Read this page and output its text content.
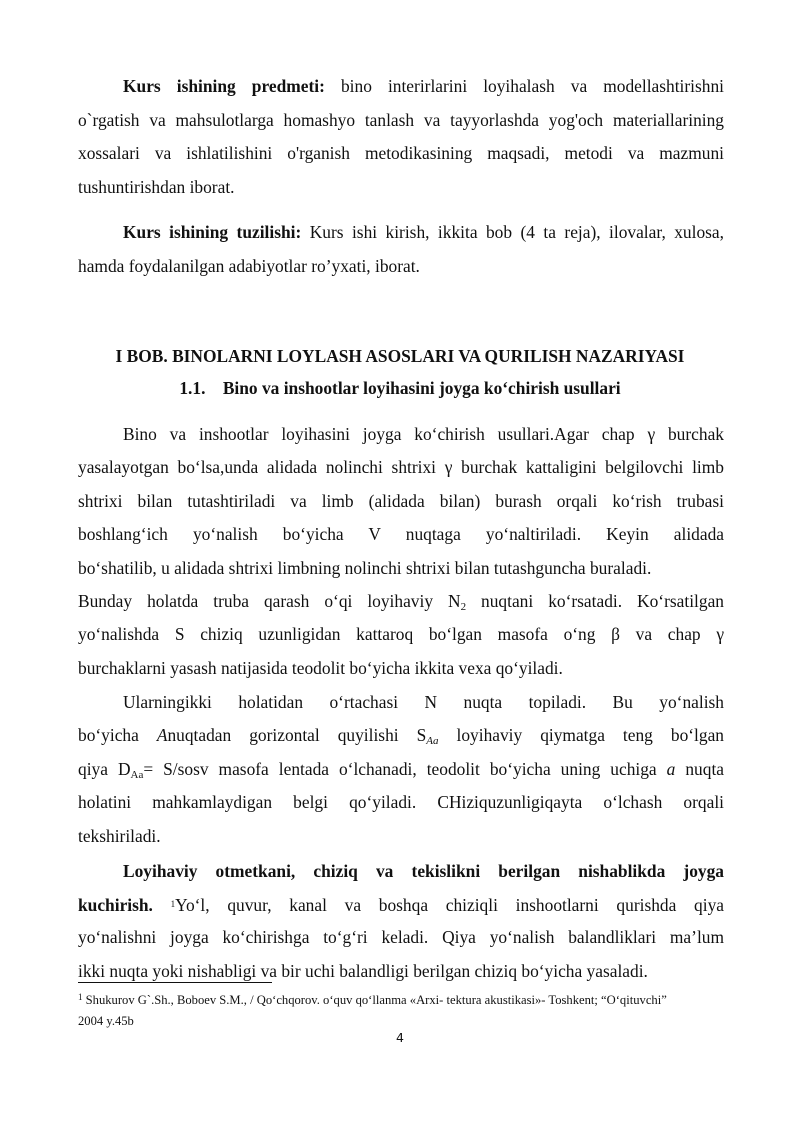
Kurs ishining predmeti: bino interirlarini loyihalash va modellashtirishni
o`rgatish va mahsulotlarga homashyo tanlash va tayyorlashda yog'och materiallarining
xossalari va ishlatilishini o'rganish metodikasining maqsadi, metodi va mazmuni
tushuntirishdan iborat.
Kurs ishining tuzilishi: Kurs ishi kirish, ikkita bob (4 ta reja), ilovalar, xulosa,
hamda foydalanilgan adabiyotlar ro’yxati, iborat.
I BOB. BINOLARNI LOYLASH ASOSLARI VA QURILISH NAZARIYASI
1.1.    Bino va inshootlar loyihasini joyga ko‘chirish usullari
Bino va inshootlar loyihasini joyga ko‘chirish usullari.Agar chap γ burchak
yasalayotgan bo‘lsa,unda alidada nolinchi shtrixi γ burchak kattaligini belgilovchi limb
shtrixi bilan tutashtiriladi va limb (alidada bilan) burash orqali ko‘rish trubasi
boshlang‘ich yo‘nalish bo‘yicha V nuqtaga yo‘naltiriladi. Keyin alidada
bo‘shatilib, u alidada shtrixi limbning nolinchi shtrixi bilan tutashguncha buraladi.
Bunday holatda truba qarash o‘qi loyihaviy $N_2$ nuqtani ko‘rsatadi. Ko‘rsatilgan
yo‘nalishda S chiziq uzunligidan kattaroq bo‘lgan masofa o‘ng β va chap γ
burchaklarni yasash natijasida teodolit bo‘yicha ikkita vexa qo‘yiladi.
Ularningikki holatidan o‘rtachasi N nuqta topiladi. Bu yo‘nalish
bo‘yicha Anuqtadan gorizontal quyilishi $S_{Aa}$ loyihaviy qiymatga teng bo‘lgan
qiya $D_{Aa}=$ S/sosv masofa lentada o‘lchanadi, teodolit bo‘yicha uning uchiga a nuqta
holatini mahkamlaydigan belgi qo‘yiladi. CHiziquzunligiqayta o‘lchash orqali
tekshiriladi.
Loyihaviy otmetkani, chiziq va tekislikni berilgan nishablikda joyga
kuchirish. $^1$Yo‘l, quvur, kanal va boshqa chiziqli inshootlarni qurishda qiya
yo‘nalishni joyga ko‘chirishga to‘g‘ri keladi. Qiya yo‘nalish balandliklari ma’lum
ikki nuqta yoki nishabligi va bir uchi balandligi berilgan chiziq bo‘yicha yasaladi.
$^1$ Shukurov G`.Sh., Boboev S.M., / Qo‘chqorov. o‘quv qo‘llanma «Arxi- tektura akustikasi»- Toshkent; “O‘qituvchi”
2004 y.45b
4
